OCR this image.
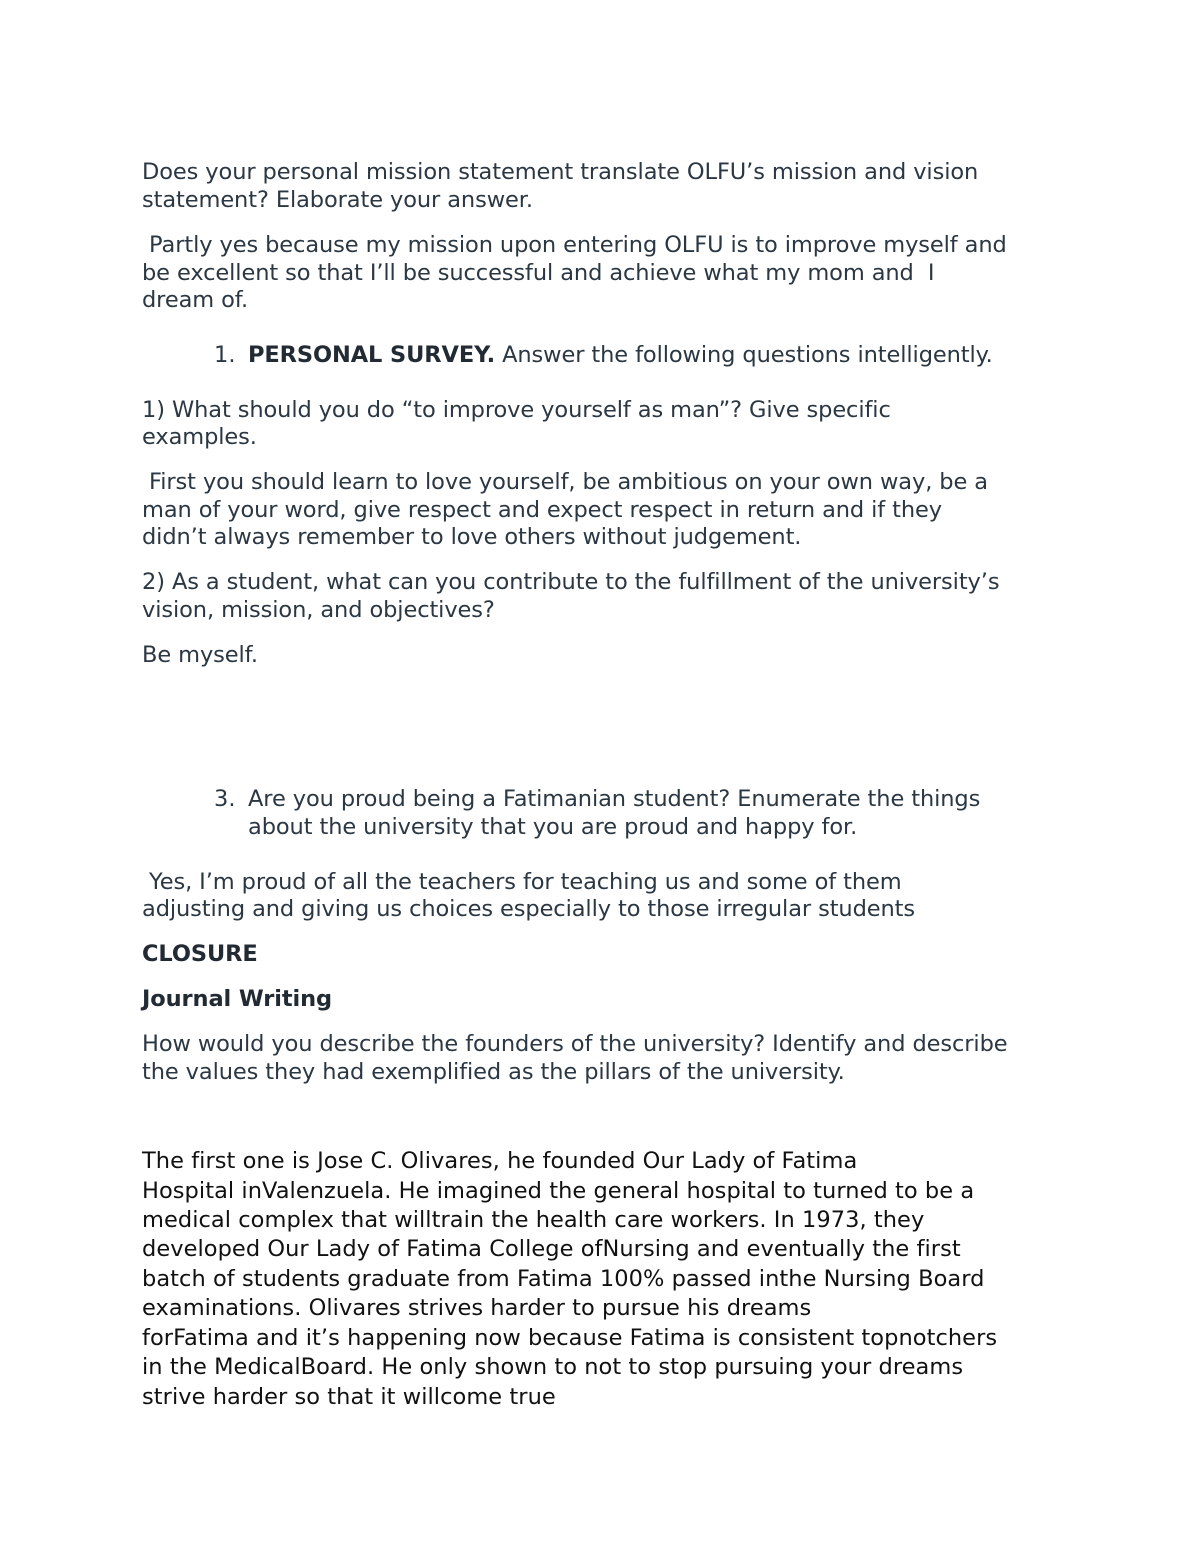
Does your personal mission statement translate OLFU’s mission and vision
statement? Elaborate your answer.
Partly yes because my mission upon entering OLFU is to improve myself and
be excellent so that I’ll be successful and achieve what my mom and  I
dream of.
1. PERSONAL SURVEY. Answer the following questions intelligently.
1) What should you do “to improve yourself as man”? Give specific
examples.
First you should learn to love yourself, be ambitious on your own way, be a
man of your word, give respect and expect respect in return and if they
didn’t always remember to love others without judgement.
2) As a student, what can you contribute to the fulfillment of the university’s
vision, mission, and objectives?
Be myself.
3. Are you proud being a Fatimanian student? Enumerate the things
about the university that you are proud and happy for.
Yes, I’m proud of all the teachers for teaching us and some of them
adjusting and giving us choices especially to those irregular students
CLOSURE
Journal Writing
How would you describe the founders of the university? Identify and describe
the values they had exemplified as the pillars of the university.
The first one is Jose C. Olivares, he founded Our Lady of Fatima
Hospital inValenzuela. He imagined the general hospital to turned to be a
medical complex that willtrain the health care workers. In 1973, they
developed Our Lady of Fatima College ofNursing and eventually the first
batch of students graduate from Fatima 100% passed inthe Nursing Board
examinations. Olivares strives harder to pursue his dreams
forFatima and it’s happening now because Fatima is consistent topnotchers
in the MedicalBoard. He only shown to not to stop pursuing your dreams
strive harder so that it willcome true
